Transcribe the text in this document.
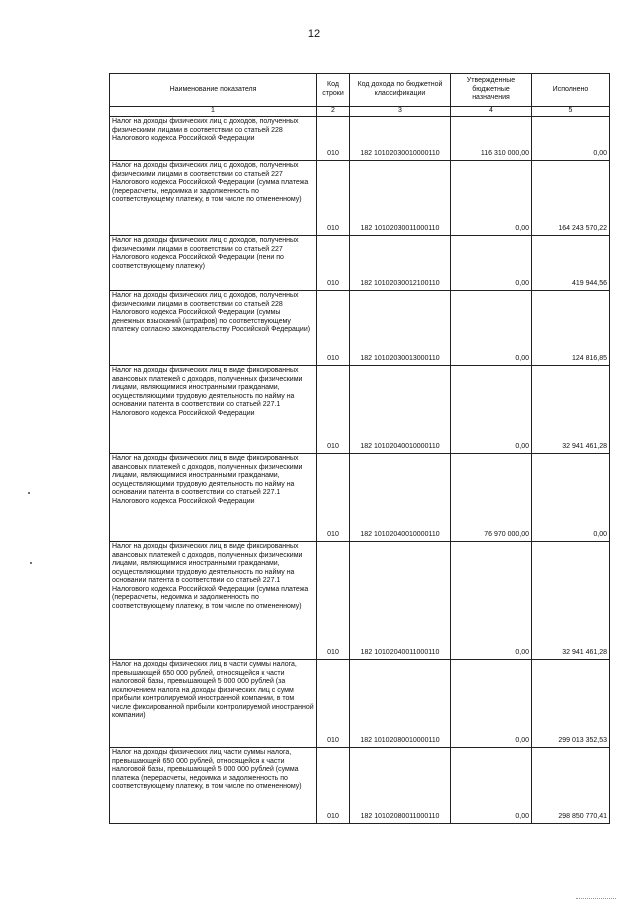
12
Наименование показателя	Код строки	Код дохода по бюджетной классификации	Утвержденные бюджетные назначения	Исполнено
1	2	3	4	5
Налог на доходы физических лиц с доходов, полученных физическими лицами в соответствии со статьей 228 Налогового кодекса Российской Федерации	010	182 10102030010000110	116 310 000,00	0,00
Налог на доходы физических лиц с доходов, полученных физическими лицами в соответствии со статьей 227 Налогового кодекса Российской Федерации (сумма платежа (перерасчеты, недоимка и задолженность по соответствующему платежу, в том числе по отмененному)	010	182 10102030011000110	0,00	164 243 570,22
Налог на доходы физических лиц с доходов, полученных физическими лицами в соответствии со статьей 227 Налогового кодекса Российской Федерации (пени по соответствующему платежу)	010	182 10102030012100110	0,00	419 944,56
Налог на доходы физических лиц с доходов, полученных физическими лицами в соответствии со статьей 228 Налогового кодекса Российской Федерации (суммы денежных взысканий (штрафов) по соответствующему платежу согласно законодательству Российской Федерации)	010	182 10102030013000110	0,00	124 816,85
Налог на доходы физических лиц в виде фиксированных авансовых платежей с доходов, полученных физическими лицами, являющимися иностранными гражданами, осуществляющими трудовую деятельность по найму на основании патента в соответствии со статьей 227.1 Налогового кодекса Российской Федерации	010	182 10102040010000110	0,00	32 941 461,28
Налог на доходы физических лиц в виде фиксированных авансовых платежей с доходов, полученных физическими лицами, являющимися иностранными гражданами, осуществляющими трудовую деятельность по найму на основании патента в соответствии со статьей 227.1 Налогового кодекса Российской Федерации	010	182 10102040010000110	76 970 000,00	0,00
Налог на доходы физических лиц в виде фиксированных авансовых платежей с доходов, полученных физическими лицами, являющимися иностранными гражданами, осуществляющими трудовую деятельность по найму на основании патента в соответствии со статьей 227.1 Налогового кодекса Российской Федерации (сумма платежа (перерасчеты, недоимка и задолженность по соответствующему платежу, в том числе по отмененному)	010	182 10102040011000110	0,00	32 941 461,28
Налог на доходы физических лиц в части суммы налога, превышающей 650 000 рублей, относящейся к части налоговой базы, превышающей 5 000 000 рублей (за исключением налога на доходы физических лиц с сумм прибыли контролируемой иностранной компании, в том числе фиксированной прибыли контролируемой иностранной компании)	010	182 10102080010000110	0,00	299 013 352,53
Налог на доходы физических лиц части суммы налога, превышающей 650 000 рублей, относящейся к части налоговой базы, превышающей 5 000 000 рублей (сумма платежа (перерасчеты, недоимка и задолженность по соответствующему платежу, в том числе по отмененному)	010	182 10102080011000110	0,00	298 850 770,41
